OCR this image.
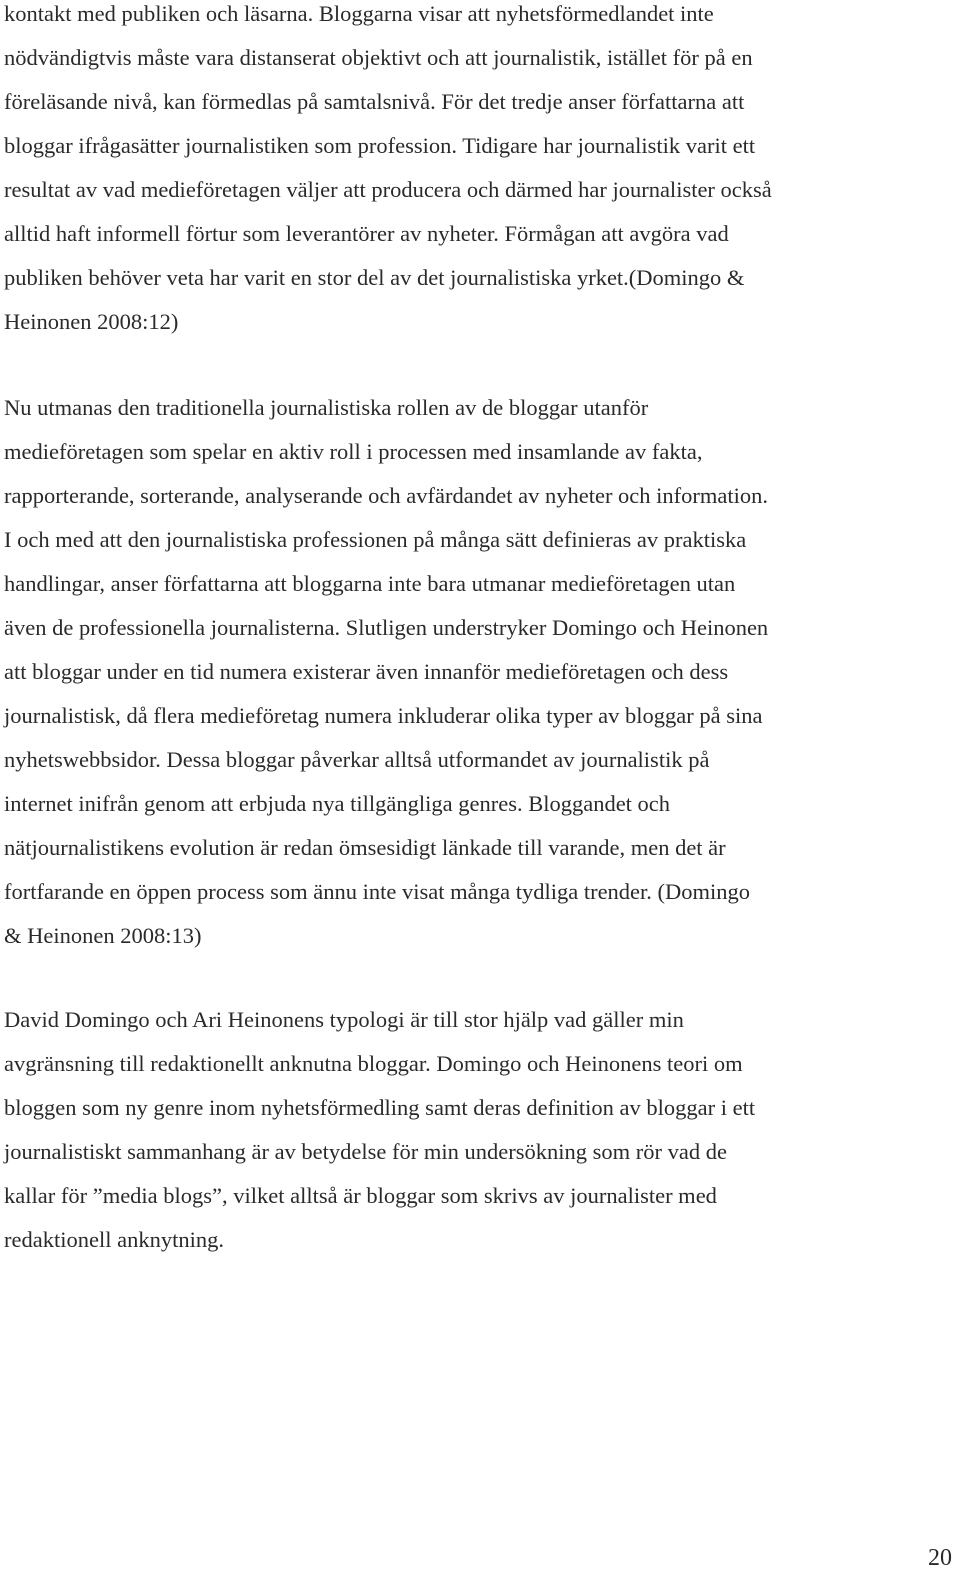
kontakt med publiken och läsarna. Bloggarna visar att nyhetsförmedlandet inte
nödvändigtvis måste vara distanserat objektivt och att journalistik, istället för på en
föreläsande nivå, kan förmedlas på samtalsnivå. För det tredje anser författarna att
bloggar ifrågasätter journalistiken som profession. Tidigare har journalistik varit ett
resultat av vad medieföretagen väljer att producera och därmed har journalister också
alltid haft informell förtur som leverantörer av nyheter. Förmågan att avgöra vad
publiken behöver veta har varit en stor del av det journalistiska yrket.(Domingo &
Heinonen 2008:12)
Nu utmanas den traditionella journalistiska rollen av de bloggar utanför
medieföretagen som spelar en aktiv roll i processen med insamlande av fakta,
rapporterande, sorterande, analyserande och avfärdandet av nyheter och information.
I och med att den journalistiska professionen på många sätt definieras av praktiska
handlingar, anser författarna att bloggarna inte bara utmanar medieföretagen utan
även de professionella journalisterna. Slutligen understryker Domingo och Heinonen
att bloggar under en tid numera existerar även innanför medieföretagen och dess
journalistisk, då flera medieföretag numera inkluderar olika typer av bloggar på sina
nyhetswebbsidor. Dessa bloggar påverkar alltså utformandet av journalistik på
internet inifrån genom att erbjuda nya tillgängliga genres. Bloggandet och
nätjournalistikens evolution är redan ömsesidigt länkade till varande, men det är
fortfarande en öppen process som ännu inte visat många tydliga trender. (Domingo
& Heinonen 2008:13)
David Domingo och Ari Heinonens typologi är till stor hjälp vad gäller min
avgränsning till redaktionellt anknutna bloggar. Domingo och Heinonens teori om
bloggen som ny genre inom nyhetsförmedling samt deras definition av bloggar i ett
journalistiskt sammanhang är av betydelse för min undersökning som rör vad de
kallar för ”media blogs”, vilket alltså är bloggar som skrivs av journalister med
redaktionell anknytning.
20
